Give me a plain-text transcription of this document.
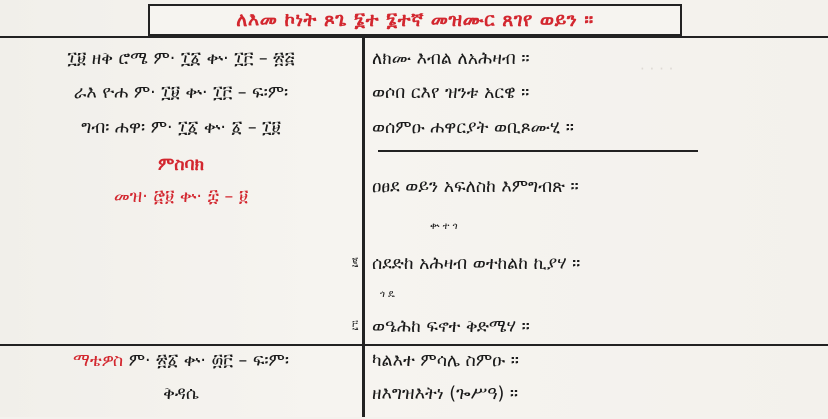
· · · ·
ለእመ ኮነት ጾጌ ፮ተ ፮ተኛ መዝሙር ጸገየ ወይን ።
፲፱ ዘቅ ሮሜ ም· ፲፩ ቍ· ፲፫ – ፳፭
ራእ ዮሐ ም· ፲፱ ቍ· ፲፫ – ፍ፡ም፡
ግብ፡ ሐዋ፡ ም· ፲፩ ቍ· ፩ – ፲፱
ምስባክ
መዝ· ፸፱ ቍ· ፰ – ፱
ማቴዎስ
ም· ፳፩ ቍ· ፴፫ – ፍ፡ም፡
ቅዳሴ
፪
፫
ለክሙ እብል ለአሕዛብ ።
ወሶበ ርእየ ዝንቱ አርዌ ።
ወሰምዑ ሐዋርያት ወቢጾሙሂ ።
ቍ ተ ጎ
ጎ ዴ
ዐፀደ ወይን አፍለስከ እምግብጽ ።
ሰደድከ አሕዛብ ወተከልከ ኪያሃ ።
ወዔሕከ ፍኖተ ቅድሜሃ ።
ካልእተ ምሳሌ ስምዑ ።
ዘእግዝእትነ (ጐሥዓ) ።
